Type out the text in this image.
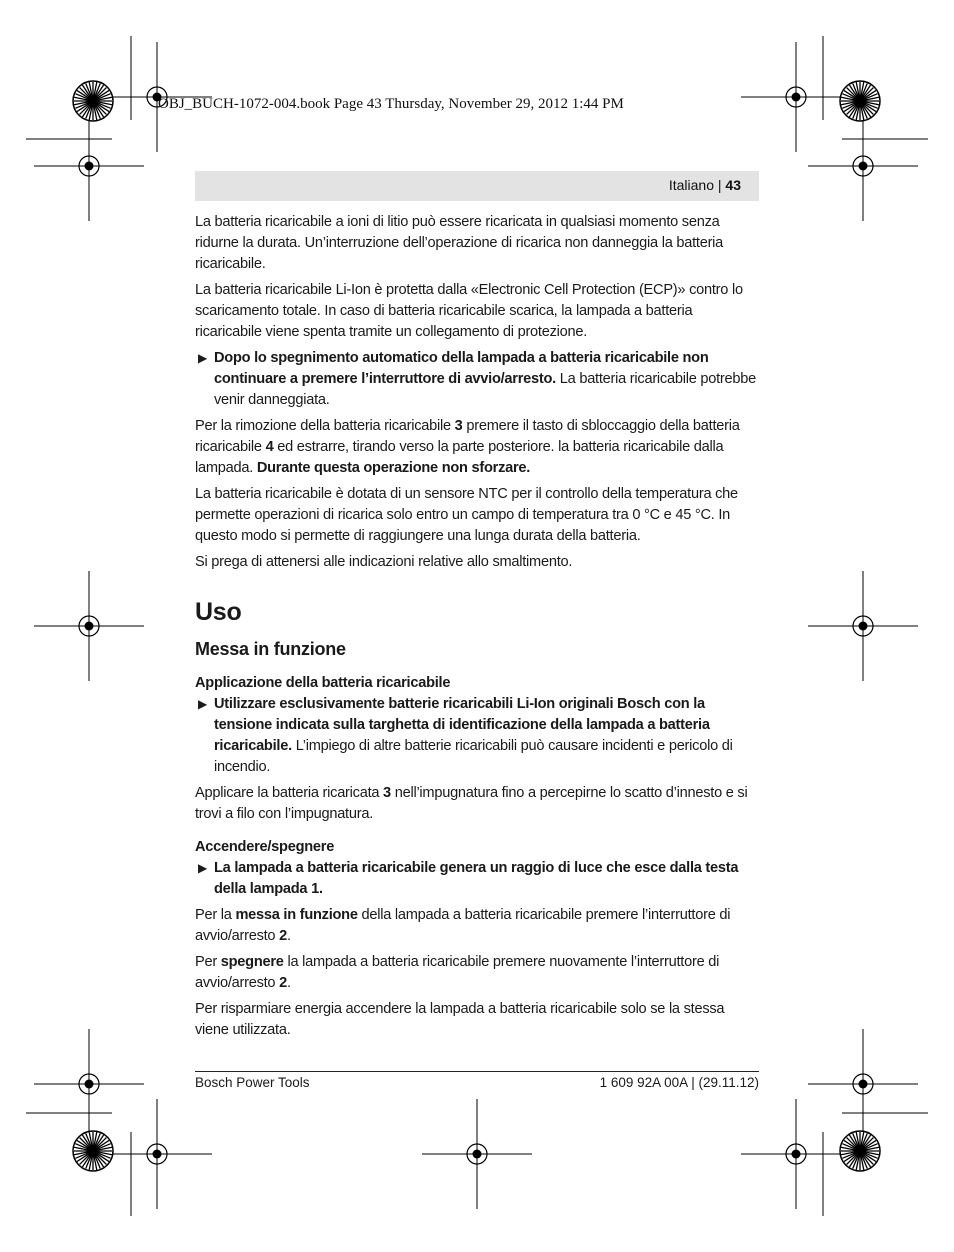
OBJ_BUCH-1072-004.book Page 43 Thursday, November 29, 2012 1:44 PM
Italiano | 43

La batteria ricaricabile a ioni di litio può essere ricaricata in qualsiasi momento senza ridurne la durata. Un’interruzione dell’operazione di ricarica non danneggia la batteria ricaricabile.

La batteria ricaricabile Li-Ion è protetta dalla «Electronic Cell Protection (ECP)» contro lo scaricamento totale. In caso di batteria ricaricabile scarica, la lampada a batteria ricaricabile viene spenta tramite un collegamento di protezione.

▶ Dopo lo spegnimento automatico della lampada a batteria ricaricabile non continuare a premere l’interruttore di avvio/arresto. La batteria ricaricabile potrebbe venir danneggiata.

Per la rimozione della batteria ricaricabile 3 premere il tasto di sbloccaggio della batteria ricaricabile 4 ed estrarre, tirando verso la parte posteriore. la batteria ricaricabile dalla lampada. Durante questa operazione non sforzare.

La batteria ricaricabile è dotata di un sensore NTC per il controllo della temperatura che permette operazioni di ricarica solo entro un campo di temperatura tra 0 °C e 45 °C. In questo modo si permette di raggiungere una lunga durata della batteria.

Si prega di attenersi alle indicazioni relative allo smaltimento.

Uso
Messa in funzione
Applicazione della batteria ricaricabile
▶ Utilizzare esclusivamente batterie ricaricabili Li-Ion originali Bosch con la tensione indicata sulla targhetta di identificazione della lampada a batteria ricaricabile. L’impiego di altre batterie ricaricabili può causare incidenti e pericolo di incendio.

Applicare la batteria ricaricata 3 nell’impugnatura fino a percepirne lo scatto d’innesto e si trovi a filo con l’impugnatura.

Accendere/spegnere
▶ La lampada a batteria ricaricabile genera un raggio di luce che esce dalla testa della lampada 1.

Per la messa in funzione della lampada a batteria ricaricabile premere l’interruttore di avvio/arresto 2.

Per spegnere la lampada a batteria ricaricabile premere nuovamente l’interruttore di avvio/arresto 2.

Per risparmiare energia accendere la lampada a batteria ricaricabile solo se la stessa viene utilizzata.

Bosch Power Tools	1 609 92A 00A | (29.11.12)
